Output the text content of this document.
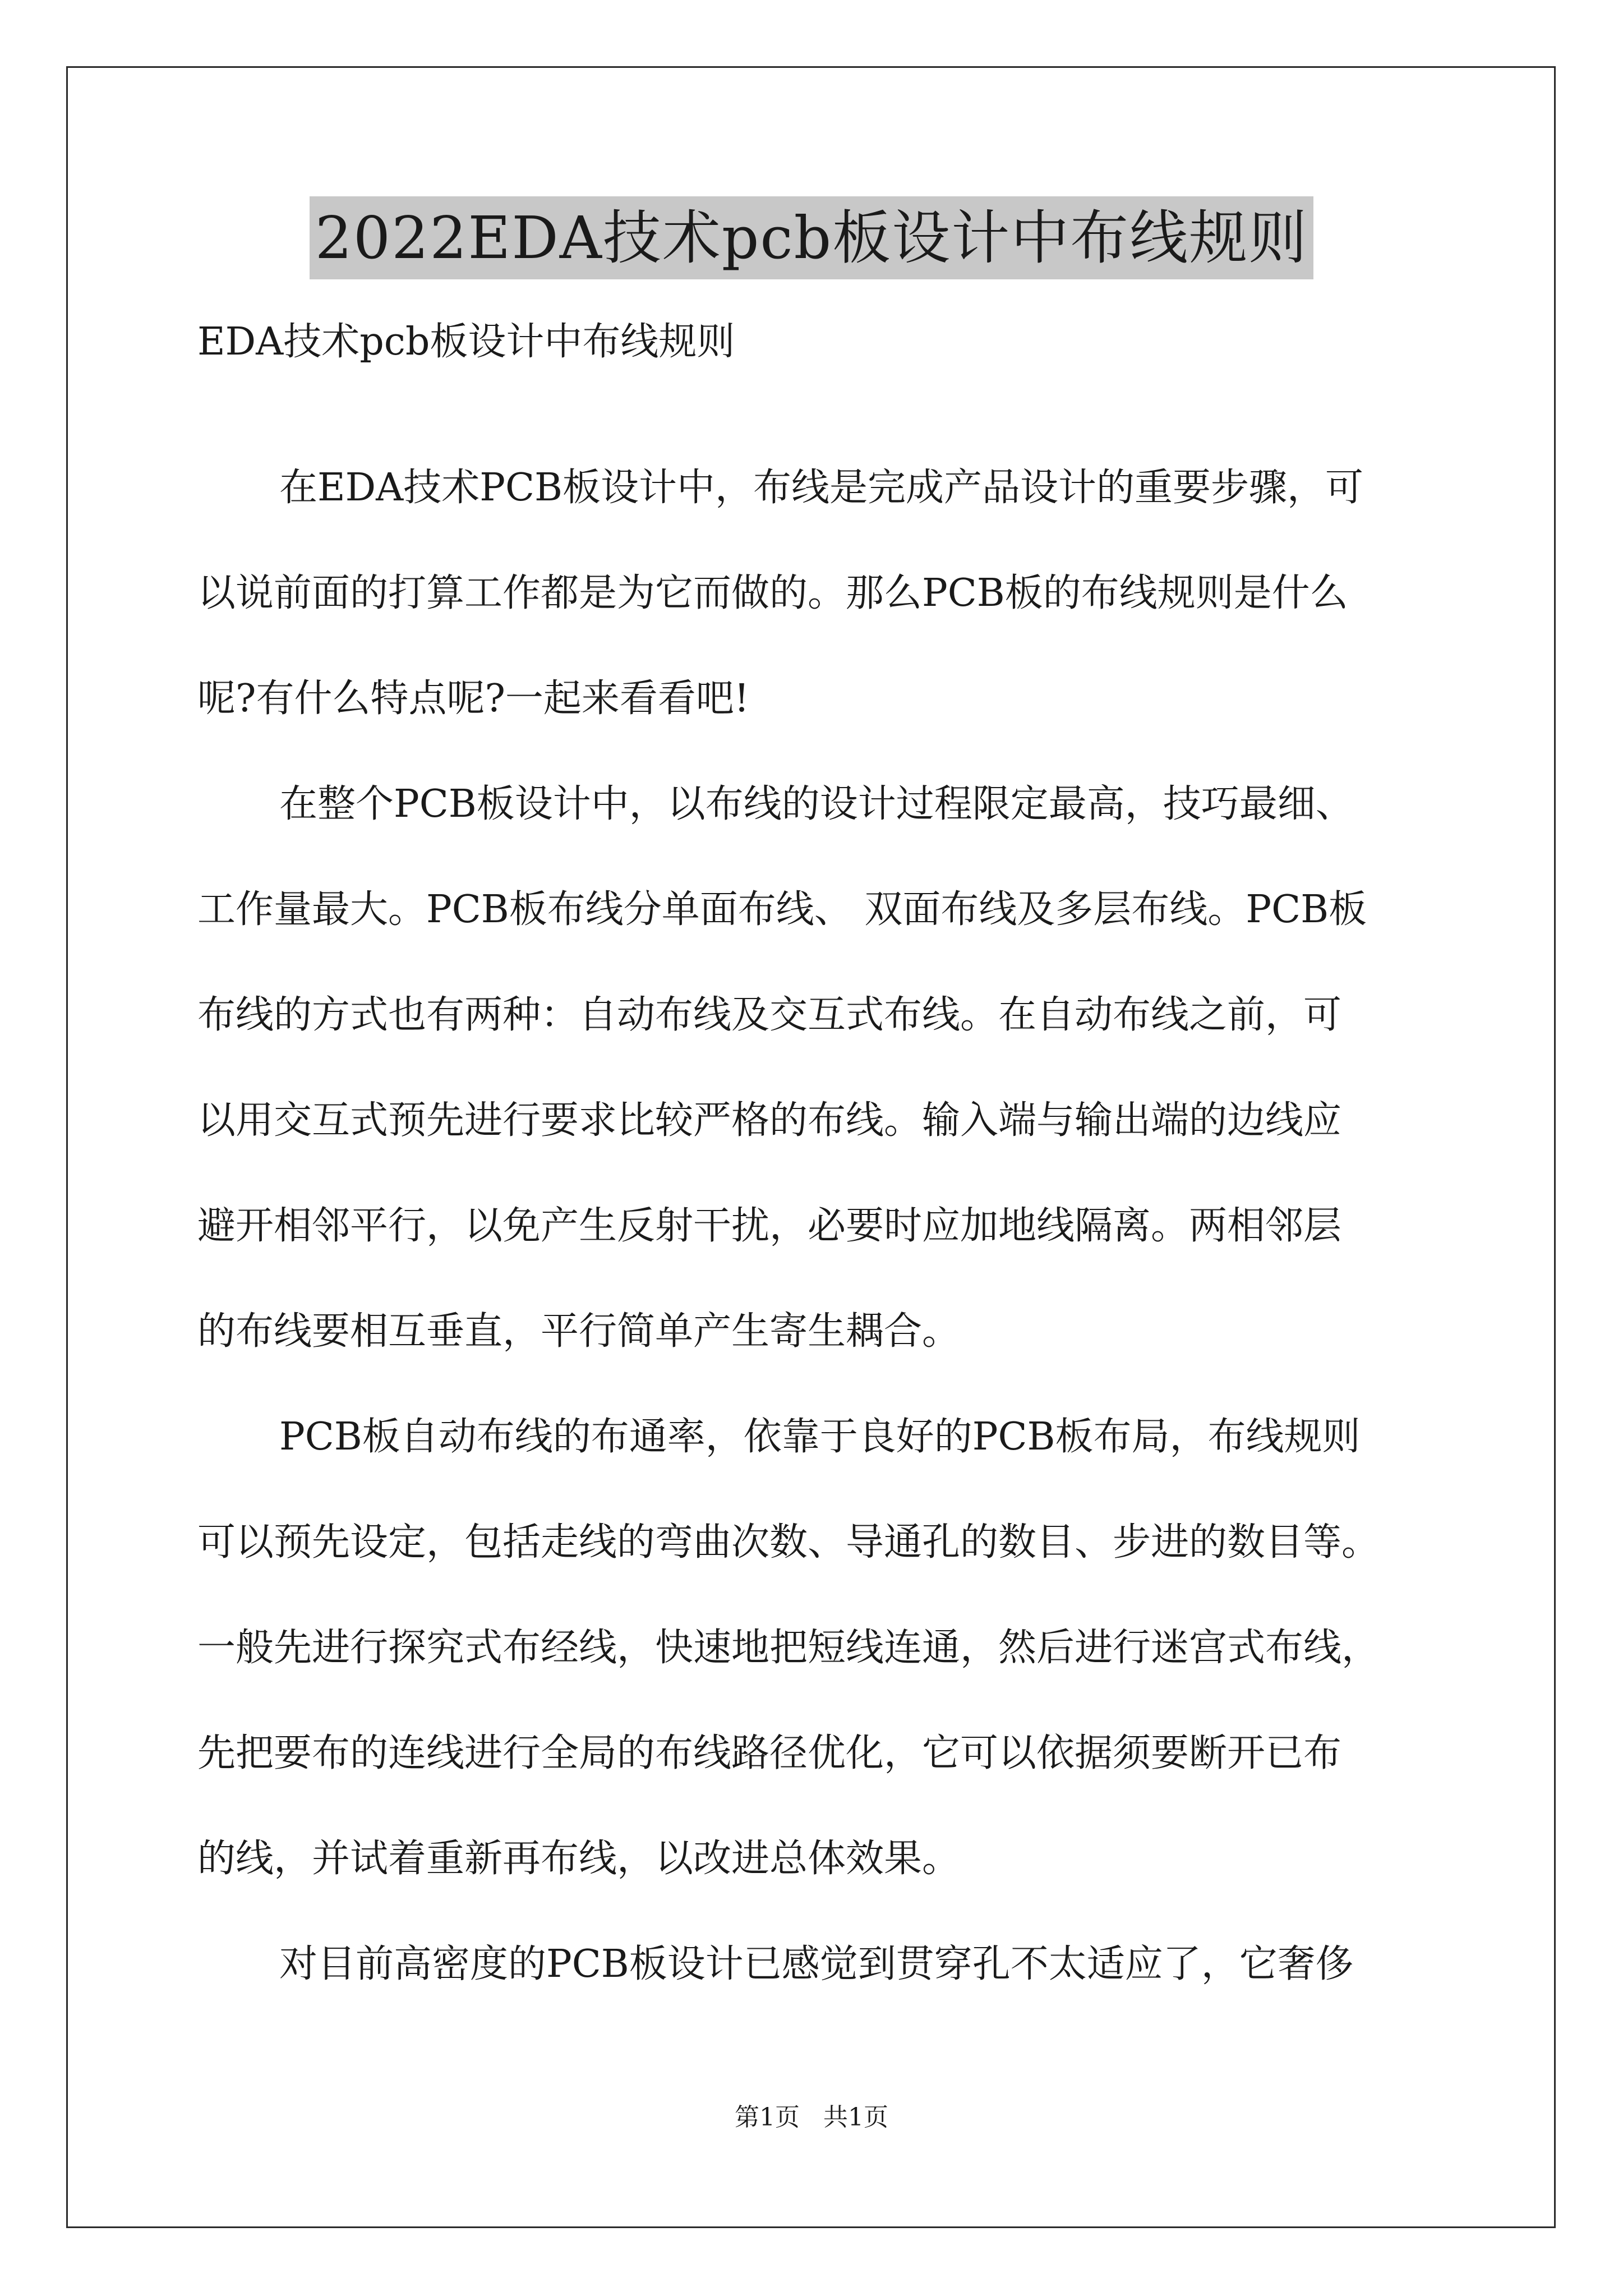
2022EDA技术pcb板设计中布线规则
EDA技术pcb板设计中布线规则
在EDA技术PCB板设计中，布线是完成产品设计的重要步骤，可
以说前面的打算工作都是为它而做的。那么PCB板的布线规则是什么
呢?有什么特点呢?一起来看看吧!
在整个PCB板设计中，以布线的设计过程限定最高，技巧最细、
工作量最大。PCB板布线分单面布线、 双面布线及多层布线。PCB板
布线的方式也有两种：自动布线及交互式布线。在自动布线之前，可
以用交互式预先进行要求比较严格的布线。输入端与输出端的边线应
避开相邻平行，以免产生反射干扰，必要时应加地线隔离。两相邻层
的布线要相互垂直，平行简单产生寄生耦合。
PCB板自动布线的布通率，依靠于良好的PCB板布局，布线规则
可以预先设定，包括走线的弯曲次数、导通孔的数目、步进的数目等。
一般先进行探究式布经线，快速地把短线连通，然后进行迷宫式布线，
先把要布的连线进行全局的布线路径优化，它可以依据须要断开已布
的线，并试着重新再布线，以改进总体效果。
对目前高密度的PCB板设计已感觉到贯穿孔不太适应了，它奢侈
第1页   共1页
